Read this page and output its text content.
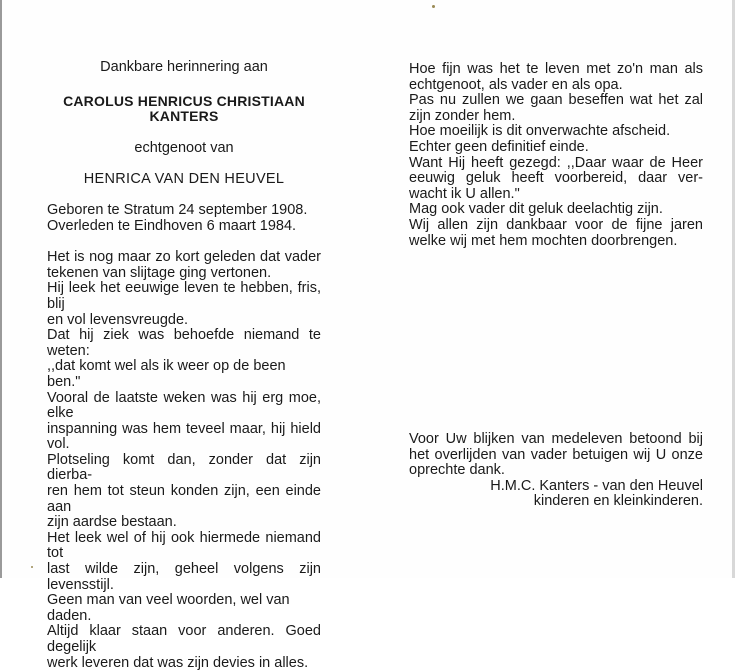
Dankbare herinnering aan
CAROLUS HENRICUS CHRISTIAAN
KANTERS
echtgenoot van
HENRICA VAN DEN HEUVEL

Geboren te Stratum 24 september 1908.

Overleden te Eindhoven 6 maart 1984.

Het is nog maar zo kort geleden dat vader
tekenen van slijtage ging vertonen.
Hij leek het eeuwige leven te hebben, fris, blij
en vol levensvreugde.
Dat hij ziek was behoefde niemand te weten:
,,dat komt wel als ik weer op de been ben."
Vooral de laatste weken was hij erg moe, elke
inspanning was hem teveel maar, hij hield vol.
Plotseling komt dan, zonder dat zijn dierba-
ren hem tot steun konden zijn, een einde aan
zijn aardse bestaan.
Het leek wel of hij ook hiermede niemand tot
last wilde zijn, geheel volgens zijn levensstijl.
Geen man van veel woorden, wel van daden.
Altijd klaar staan voor anderen. Goed degelijk
werk leveren dat was zijn devies in alles.
Hoe fijn was het te leven met zo'n man als
echtgenoot, als vader en als opa.
Pas nu zullen we gaan beseffen wat het zal
zijn zonder hem.
Hoe moeilijk is dit onverwachte afscheid.
Echter geen definitief einde.
Want Hij heeft gezegd: ,,Daar waar de Heer
eeuwig geluk heeft voorbereid, daar ver-
wacht ik U allen."
Mag ook vader dit geluk deelachtig zijn.
Wij allen zijn dankbaar voor de fijne jaren
welke wij met hem mochten doorbrengen.
Voor Uw blijken van medeleven betoond bij
het overlijden van vader betuigen wij U onze
oprechte dank.
H.M.C. Kanters - van den Heuvel
kinderen en kleinkinderen.
